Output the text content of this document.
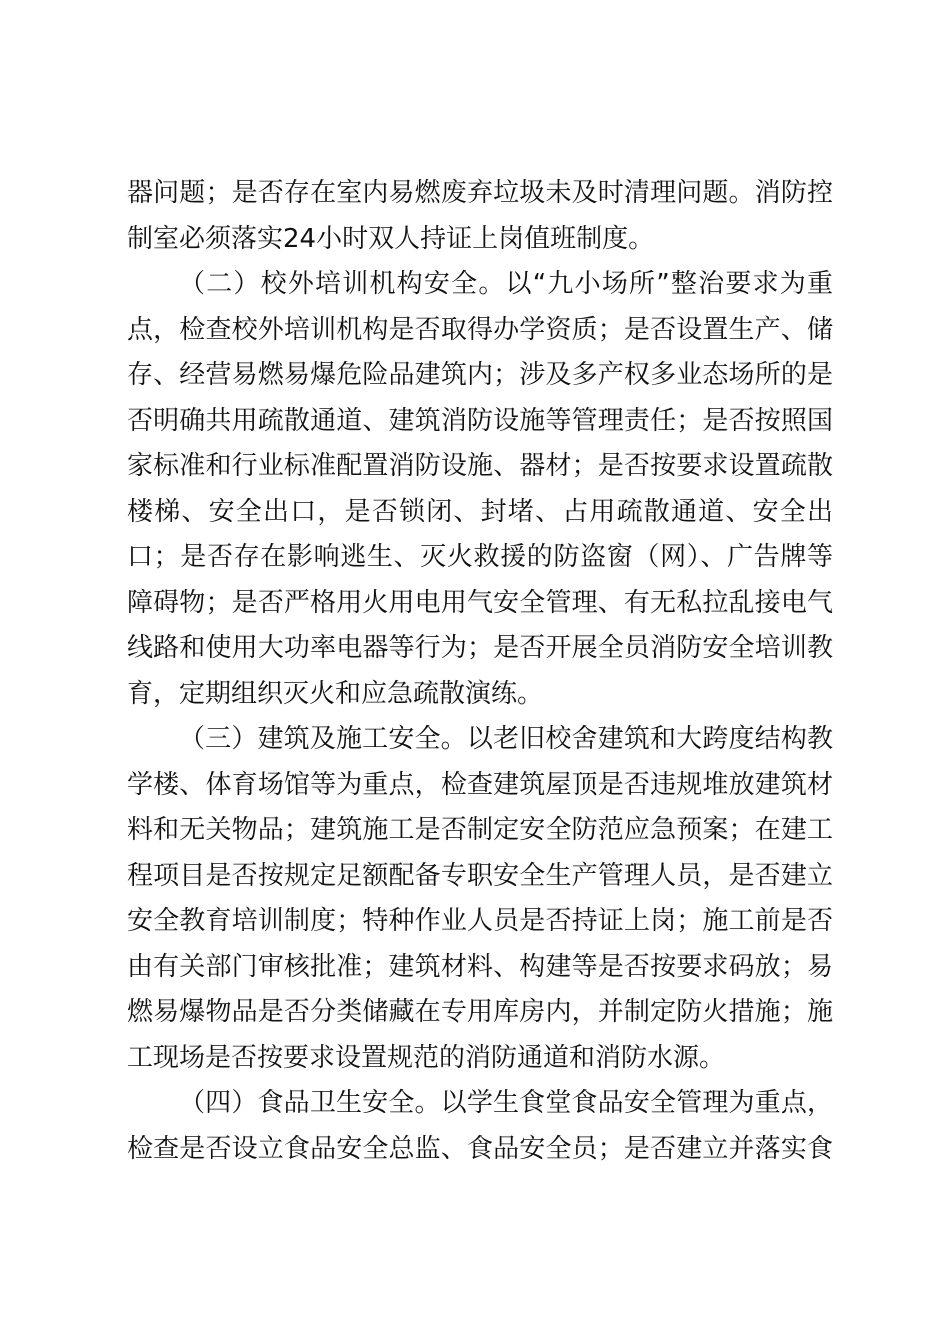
器问题；是否存在室内易燃废弃垃圾未及时清理问题。消防控
制室必须落实24小时双人持证上岗值班制度。
（二）校外培训机构安全。以“九小场所”整治要求为重
点，检查校外培训机构是否取得办学资质；是否设置生产、储
存、经营易燃易爆危险品建筑内；涉及多产权多业态场所的是
否明确共用疏散通道、建筑消防设施等管理责任；是否按照国
家标准和行业标准配置消防设施、器材；是否按要求设置疏散
楼梯、安全出口，是否锁闭、封堵、占用疏散通道、安全出
口；是否存在影响逃生、灭火救援的防盗窗（网）、广告牌等
障碍物；是否严格用火用电用气安全管理、有无私拉乱接电气
线路和使用大功率电器等行为；是否开展全员消防安全培训教
育，定期组织灭火和应急疏散演练。
（三）建筑及施工安全。以老旧校舍建筑和大跨度结构教
学楼、体育场馆等为重点，检查建筑屋顶是否违规堆放建筑材
料和无关物品；建筑施工是否制定安全防范应急预案；在建工
程项目是否按规定足额配备专职安全生产管理人员，是否建立
安全教育培训制度；特种作业人员是否持证上岗；施工前是否
由有关部门审核批准；建筑材料、构建等是否按要求码放；易
燃易爆物品是否分类储藏在专用库房内，并制定防火措施；施
工现场是否按要求设置规范的消防通道和消防水源。
（四）食品卫生安全。以学生食堂食品安全管理为重点，
检查是否设立食品安全总监、食品安全员；是否建立并落实食
